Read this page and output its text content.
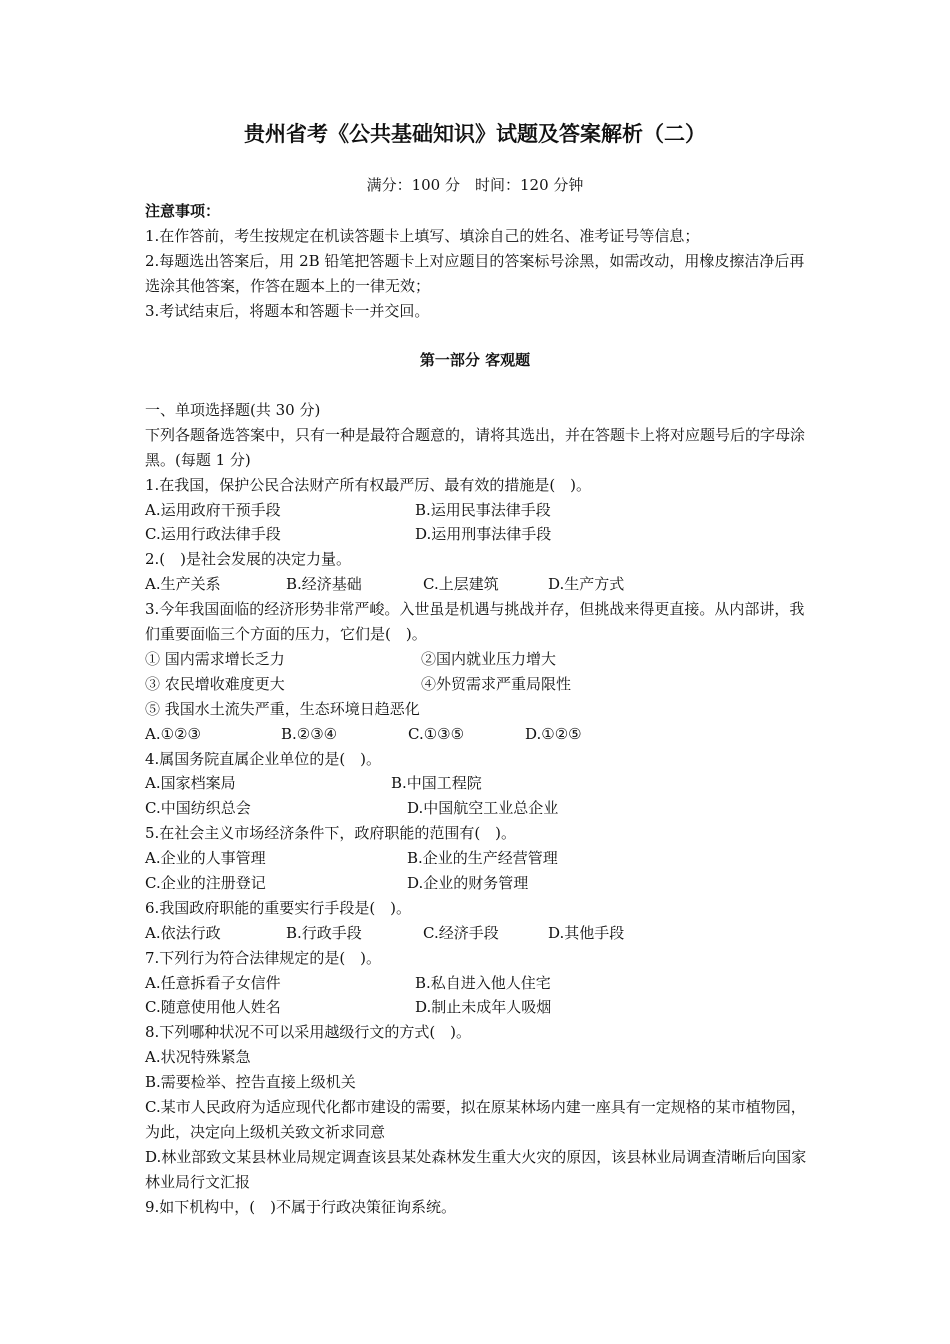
贵州省考《公共基础知识》试题及答案解析（二）
满分：100 分　时间：120 分钟
注意事项：
1.在作答前，考生按规定在机读答题卡上填写、填涂自己的姓名、准考证号等信息；
2.每题选出答案后，用 2B 铅笔把答题卡上对应题目的答案标号涂黑，如需改动，用橡皮擦洁净后再选涂其他答案，作答在题本上的一律无效；
3.考试结束后，将题本和答题卡一并交回。
第一部分 客观题
一、单项选择题(共 30 分)
下列各题备选答案中，只有一种是最符合题意的，请将其选出，并在答题卡上将对应题号后的字母涂黑。(每题 1 分)
1.在我国，保护公民合法财产所有权最严厉、最有效的措施是(　)。
A.运用政府干预手段	B.运用民事法律手段
C.运用行政法律手段	D.运用刑事法律手段
2.(　)是社会发展的决定力量。
A.生产关系	B.经济基础	C.上层建筑	D.生产方式
3.今年我国面临的经济形势非常严峻。入世虽是机遇与挑战并存，但挑战来得更直接。从内部讲，我们重要面临三个方面的压力，它们是(　)。
① 国内需求增长乏力	②国内就业压力增大
③ 农民增收难度更大	④外贸需求严重局限性
⑤ 我国水土流失严重，生态环境日趋恶化
A.①②③	B.②③④	C.①③⑤	D.①②⑤
4.属国务院直属企业单位的是(　)。
A.国家档案局	B.中国工程院
C.中国纺织总会	D.中国航空工业总企业
5.在社会主义市场经济条件下，政府职能的范围有(　)。
A.企业的人事管理	B.企业的生产经营管理
C.企业的注册登记	D.企业的财务管理
6.我国政府职能的重要实行手段是(　)。
A.依法行政	B.行政手段	C.经济手段	D.其他手段
7.下列行为符合法律规定的是(　)。
A.任意拆看子女信件	B.私自进入他人住宅
C.随意使用他人姓名	D.制止未成年人吸烟
8.下列哪种状况不可以采用越级行文的方式(　)。
A.状况特殊紧急
B.需要检举、控告直接上级机关
C.某市人民政府为适应现代化都市建设的需要，拟在原某林场内建一座具有一定规格的某市植物园，为此，决定向上级机关致文祈求同意
D.林业部致文某县林业局规定调查该县某处森林发生重大火灾的原因，该县林业局调查清晰后向国家林业局行文汇报
9.如下机构中，(　)不属于行政决策征询系统。
